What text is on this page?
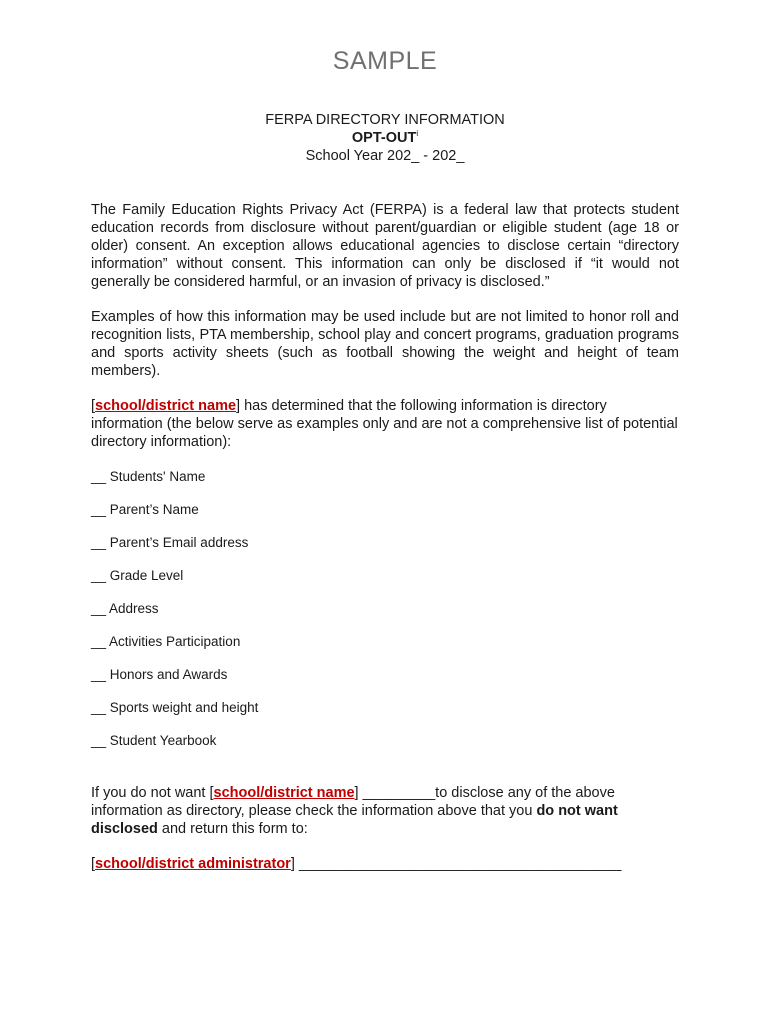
SAMPLE
FERPA DIRECTORY INFORMATION
OPT-OUT$^i$
School Year 202_ - 202_
The Family Education Rights Privacy Act (FERPA) is a federal law that protects student education records from disclosure without parent/guardian or eligible student (age 18 or older) consent. An exception allows educational agencies to disclose certain “directory information” without consent. This information can only be disclosed if “it would not generally be considered harmful, or an invasion of privacy is disclosed.”
Examples of how this information may be used include but are not limited to honor roll and recognition lists, PTA membership, school play and concert programs, graduation programs and sports activity sheets (such as football showing the weight and height of team members).
[school/district name] has determined that the following information is directory information (the below serve as examples only and are not a comprehensive list of potential directory information):
__ Students' Name
__ Parent’s Name
__ Parent’s Email address
__ Grade Level
__ Address
__ Activities Participation
__ Honors and Awards
__ Sports weight and height
__ Student Yearbook
If you do not want [school/district name] _________to disclose any of the above information as directory, please check the information above that you do not want disclosed and return this form to:
[school/district administrator] ________________________________________
